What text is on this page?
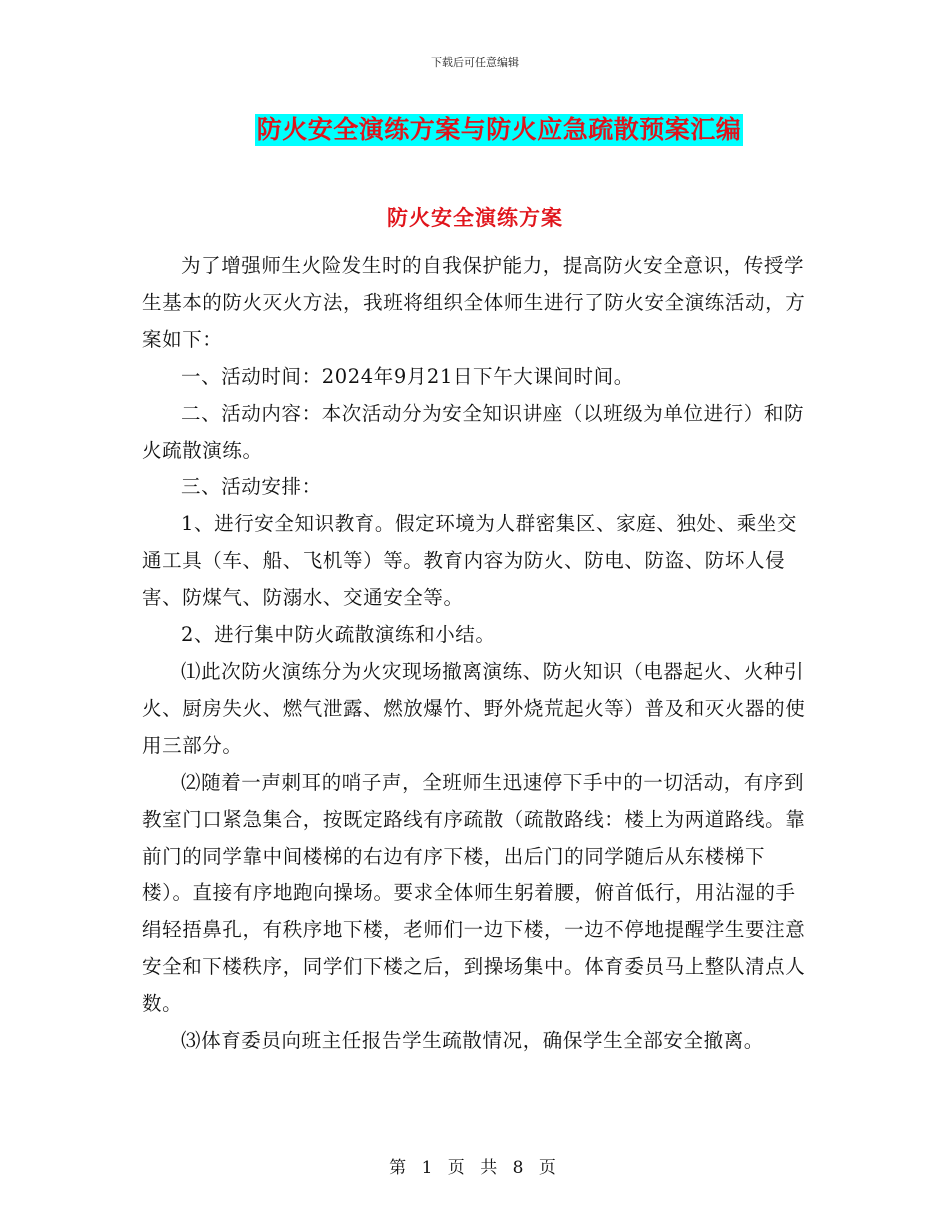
下载后可任意编辑
防火安全演练方案与防火应急疏散预案汇编
防火安全演练方案

为了增强师生火险发生时的自我保护能力，提高防火安全意识，传授学生基本的防火灭火方法，我班将组织全体师生进行了防火安全演练活动，方案如下：

一、活动时间：2024年9月21日下午大课间时间。

二、活动内容：本次活动分为安全知识讲座（以班级为单位进行）和防火疏散演练。

三、活动安排：

1、进行安全知识教育。假定环境为人群密集区、家庭、独处、乘坐交通工具（车、船、飞机等）等。教育内容为防火、防电、防盗、防坏人侵害、防煤气、防溺水、交通安全等。

2、进行集中防火疏散演练和小结。

⑴此次防火演练分为火灾现场撤离演练、防火知识（电器起火、火种引火、厨房失火、燃气泄露、燃放爆竹、野外烧荒起火等）普及和灭火器的使用三部分。

⑵随着一声刺耳的哨子声，全班师生迅速停下手中的一切活动，有序到教室门口紧急集合，按既定路线有序疏散（疏散路线：楼上为两道路线。靠前门的同学靠中间楼梯的右边有序下楼，出后门的同学随后从东楼梯下楼）。直接有序地跑向操场。要求全体师生躬着腰，俯首低行，用沾湿的手绢轻捂鼻孔，有秩序地下楼，老师们一边下楼，一边不停地提醒学生要注意安全和下楼秩序，同学们下楼之后，到操场集中。体育委员马上整队清点人数。

⑶体育委员向班主任报告学生疏散情况，确保学生全部安全撤离。

第 1 页 共 8 页
